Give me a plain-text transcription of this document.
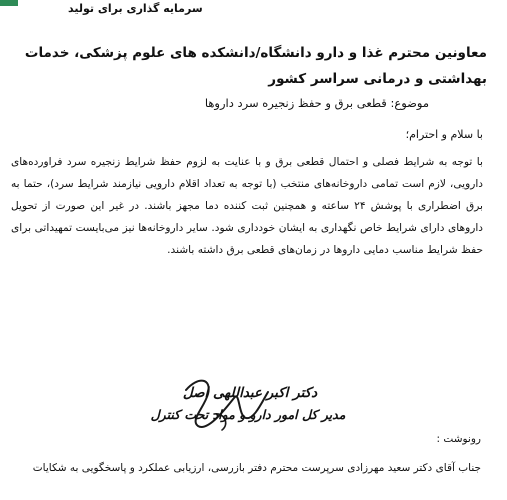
سرمایه گذاری برای تولید
معاونین محترم غذا و دارو دانشگاه/دانشکده های علوم پزشکی، خدمات بهداشتی و درمانی سراسر کشور
موضوع: قطعی برق و حفظ زنجیره سرد داروها
با سلام و احترام؛
با توجه به شرایط فصلی و احتمال قطعی برق و با عنایت به لزوم حفظ شرایط زنجیره سرد فراورده‌های دارویی، لازم است تمامی داروخانه‌های منتخب (با توجه به تعداد اقلام دارویی نیازمند شرایط سرد)، حتما به برق اضطراری با پوشش ۲۴ ساعته و همچنین ثبت کننده دما مجهز باشند. در غیر این صورت از تحویل داروهای دارای شرایط خاص نگهداری به ایشان خودداری شود. سایر داروخانه‌ها نیز می‌بایست تمهیداتی برای حفظ شرایط مناسب دمایی داروها در زمان‌های قطعی برق داشته باشند.
دکتر اکبر عبداللهی اصل
مدیر کل امور دارو و مواد تحت کنترل
رونوشت :
جناب آقای دکتر سعید مهرزادی سرپرست محترم دفتر بازرسی، ارزیابی عملکرد و پاسخگویی به شکایات
